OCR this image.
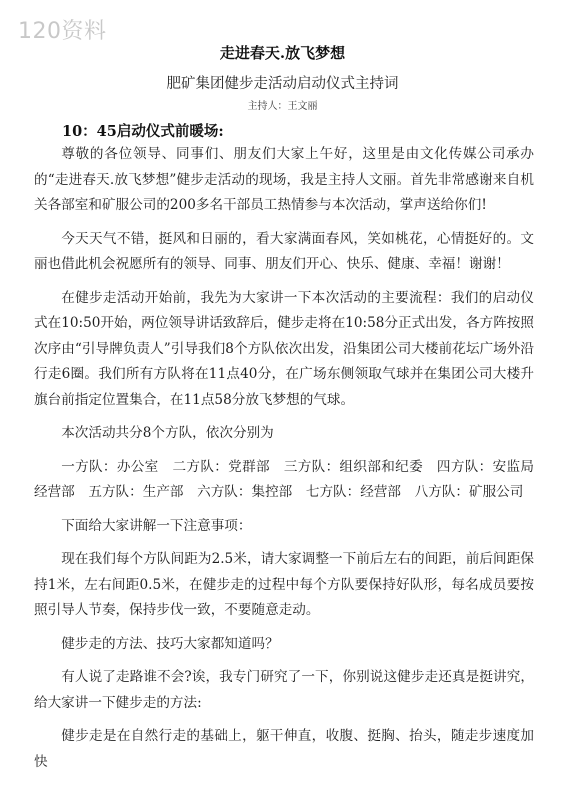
120资料
走进春天.放飞梦想
肥矿集团健步走活动启动仪式主持词
主持人：王文丽
10：45启动仪式前暖场:

尊敬的各位领导、同事们、朋友们大家上午好，这里是由文化传媒公司承办的“走进春天.放飞梦想”健步走活动的现场，我是主持人文丽。首先非常感谢来自机关各部室和矿服公司的200多名干部员工热情参与本次活动，掌声送给你们!

今天天气不错，挺风和日丽的，看大家满面春风，笑如桃花，心情挺好的。文丽也借此机会祝愿所有的领导、同事、朋友们开心、快乐、健康、幸福！谢谢！

在健步走活动开始前，我先为大家讲一下本次活动的主要流程：我们的启动仪式在10:50开始，两位领导讲话致辞后，健步走将在10:58分正式出发，各方阵按照次序由“引导牌负责人”引导我们8个方队依次出发，沿集团公司大楼前花坛广场外沿行走6圈。我们所有方队将在11点40分，在广场东侧领取气球并在集团公司大楼升旗台前指定位置集合，在11点58分放飞梦想的气球。

本次活动共分8个方队，依次分别为

一方队：办公室　二方队：党群部　三方队：组织部和纪委　四方队：安监局　经营部　五方队：生产部　六方队：集控部　七方队：经营部　八方队：矿服公司

下面给大家讲解一下注意事项：

现在我们每个方队间距为2.5米，请大家调整一下前后左右的间距，前后间距保持1米，左右间距0.5米，在健步走的过程中每个方队要保持好队形，每名成员要按照引导人节奏，保持步伐一致，不要随意走动。

健步走的方法、技巧大家都知道吗？

有人说了走路谁不会?诶，我专门研究了一下，你别说这健步走还真是挺讲究，给大家讲一下健步走的方法:

健步走是在自然行走的基础上，躯干伸直，收腹、挺胸、抬头，随走步速度加快
